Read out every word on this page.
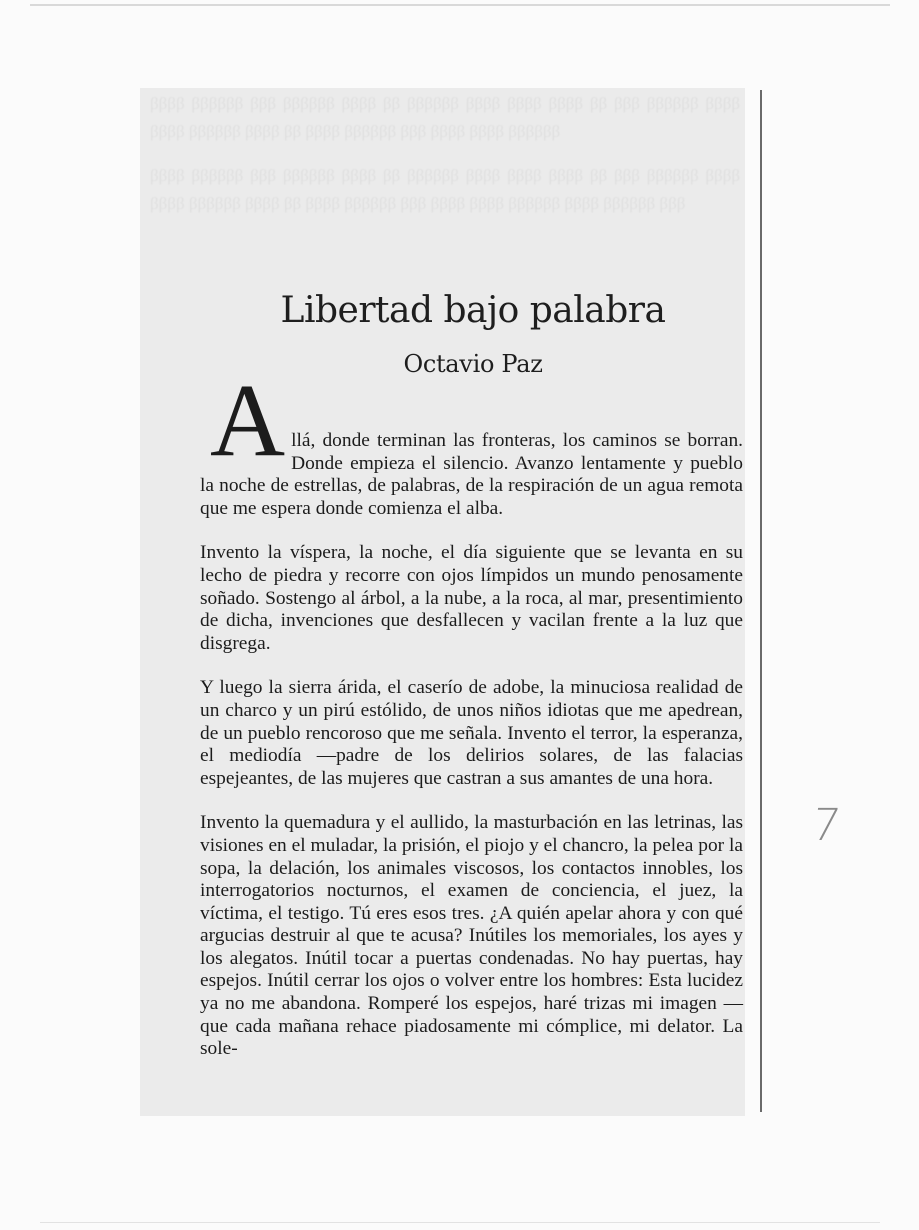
ββββ ββββββ βββ ββββββ ββββ ββ ββββββ ββββ ββββ ββββ ββ βββ ββββββ ββββ ββββ ββββββ ββββ ββ ββββ ββββββ βββ ββββ ββββ ββββββ

ββββ ββββββ βββ ββββββ ββββ ββ ββββββ ββββ ββββ ββββ ββ βββ ββββββ ββββ ββββ ββββββ ββββ ββ ββββ ββββββ βββ ββββ ββββ ββββββ ββββ ββββββ βββ

Libertad bajo palabra
Octavio Paz

Allá, donde terminan las fronteras, los caminos se borran. Donde empieza el silencio. Avanzo lentamente y pueblo la noche de estrellas, de palabras, de la respiración de un agua remota que me espera donde comienza el alba.

Invento la víspera, la noche, el día siguiente que se levanta en su lecho de piedra y recorre con ojos límpidos un mundo penosamente soñado. Sostengo al árbol, a la nube, a la roca, al mar, presentimiento de dicha, invenciones que desfallecen y vacilan frente a la luz que disgrega.

Y luego la sierra árida, el caserío de adobe, la minuciosa realidad de un charco y un pirú estólido, de unos niños idiotas que me apedrean, de un pueblo rencoroso que me señala. Invento el terror, la esperanza, el mediodía —padre de los delirios solares, de las falacias espejeantes, de las mujeres que castran a sus amantes de una hora.

Invento la quemadura y el aullido, la masturbación en las letrinas, las visiones en el muladar, la prisión, el piojo y el chancro, la pelea por la sopa, la delación, los animales viscosos, los contactos innobles, los interrogatorios nocturnos, el examen de conciencia, el juez, la víctima, el testigo. Tú eres esos tres. ¿A quién apelar ahora y con qué argucias destruir al que te acusa? Inútiles los memoriales, los ayes y los alegatos. Inútil tocar a puertas condenadas. No hay puertas, hay espejos. Inútil cerrar los ojos o volver entre los hombres: Esta lucidez ya no me abandona. Romperé los espejos, haré trizas mi imagen —que cada mañana rehace piadosamente mi cómplice, mi delator. La sole-

7
